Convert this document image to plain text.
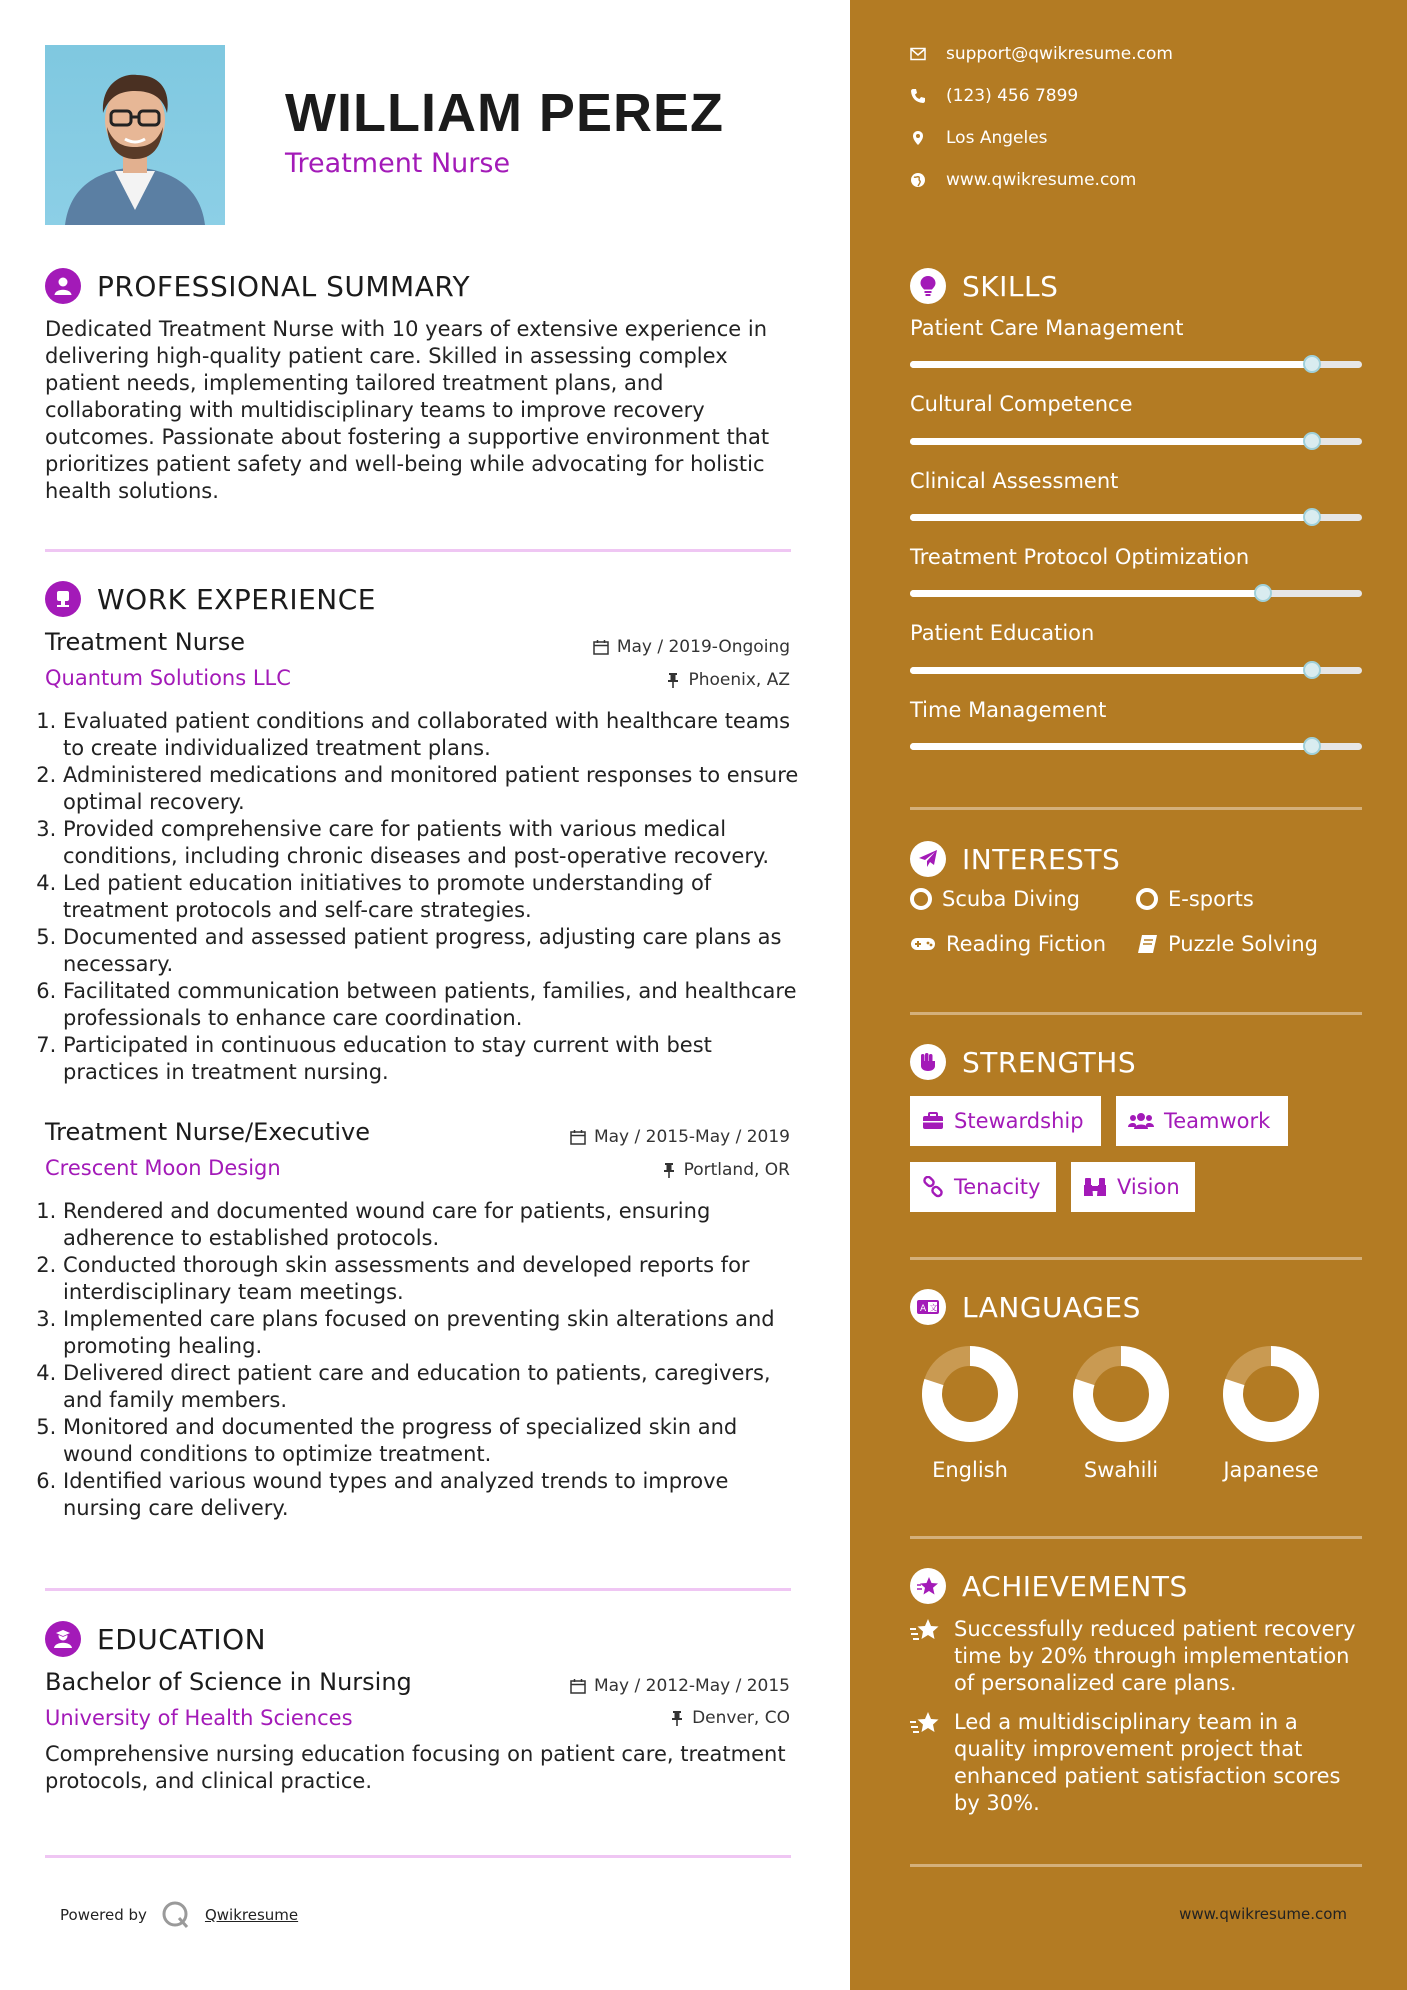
WILLIAM PEREZ
Treatment Nurse
PROFESSIONAL SUMMARY
Dedicated Treatment Nurse with 10 years of extensive experience in delivering high-quality patient care. Skilled in assessing complex patient needs, implementing tailored treatment plans, and collaborating with multidisciplinary teams to improve recovery outcomes. Passionate about fostering a supportive environment that prioritizes patient safety and well-being while advocating for holistic health solutions.
WORK EXPERIENCE
Treatment Nurse	May / 2019-Ongoing
Quantum Solutions LLC	Phoenix, AZ
1. Evaluated patient conditions and collaborated with healthcare teams to create individualized treatment plans.
2. Administered medications and monitored patient responses to ensure optimal recovery.
3. Provided comprehensive care for patients with various medical conditions, including chronic diseases and post-operative recovery.
4. Led patient education initiatives to promote understanding of treatment protocols and self-care strategies.
5. Documented and assessed patient progress, adjusting care plans as necessary.
6. Facilitated communication between patients, families, and healthcare professionals to enhance care coordination.
7. Participated in continuous education to stay current with best practices in treatment nursing.
Treatment Nurse/Executive	May / 2015-May / 2019
Crescent Moon Design	Portland, OR
1. Rendered and documented wound care for patients, ensuring adherence to established protocols.
2. Conducted thorough skin assessments and developed reports for interdisciplinary team meetings.
3. Implemented care plans focused on preventing skin alterations and promoting healing.
4. Delivered direct patient care and education to patients, caregivers, and family members.
5. Monitored and documented the progress of specialized skin and wound conditions to optimize treatment.
6. Identified various wound types and analyzed trends to improve nursing care delivery.
EDUCATION
Bachelor of Science in Nursing	May / 2012-May / 2015
University of Health Sciences	Denver, CO
Comprehensive nursing education focusing on patient care, treatment protocols, and clinical practice.
Powered by	Qwikresume
support@qwikresume.com
(123) 456 7899
Los Angeles
www.qwikresume.com
SKILLS
Patient Care Management
Cultural Competence
Clinical Assessment
Treatment Protocol Optimization
Patient Education
Time Management
INTERESTS
Scuba Diving	E-sports
Reading Fiction	Puzzle Solving
STRENGTHS
Stewardship	Teamwork
Tenacity	Vision
A 文 LANGUAGES
English	Swahili	Japanese
ACHIEVEMENTS
Successfully reduced patient recovery time by 20% through implementation of personalized care plans.
Led a multidisciplinary team in a quality improvement project that enhanced patient satisfaction scores by 30%.
www.qwikresume.com
